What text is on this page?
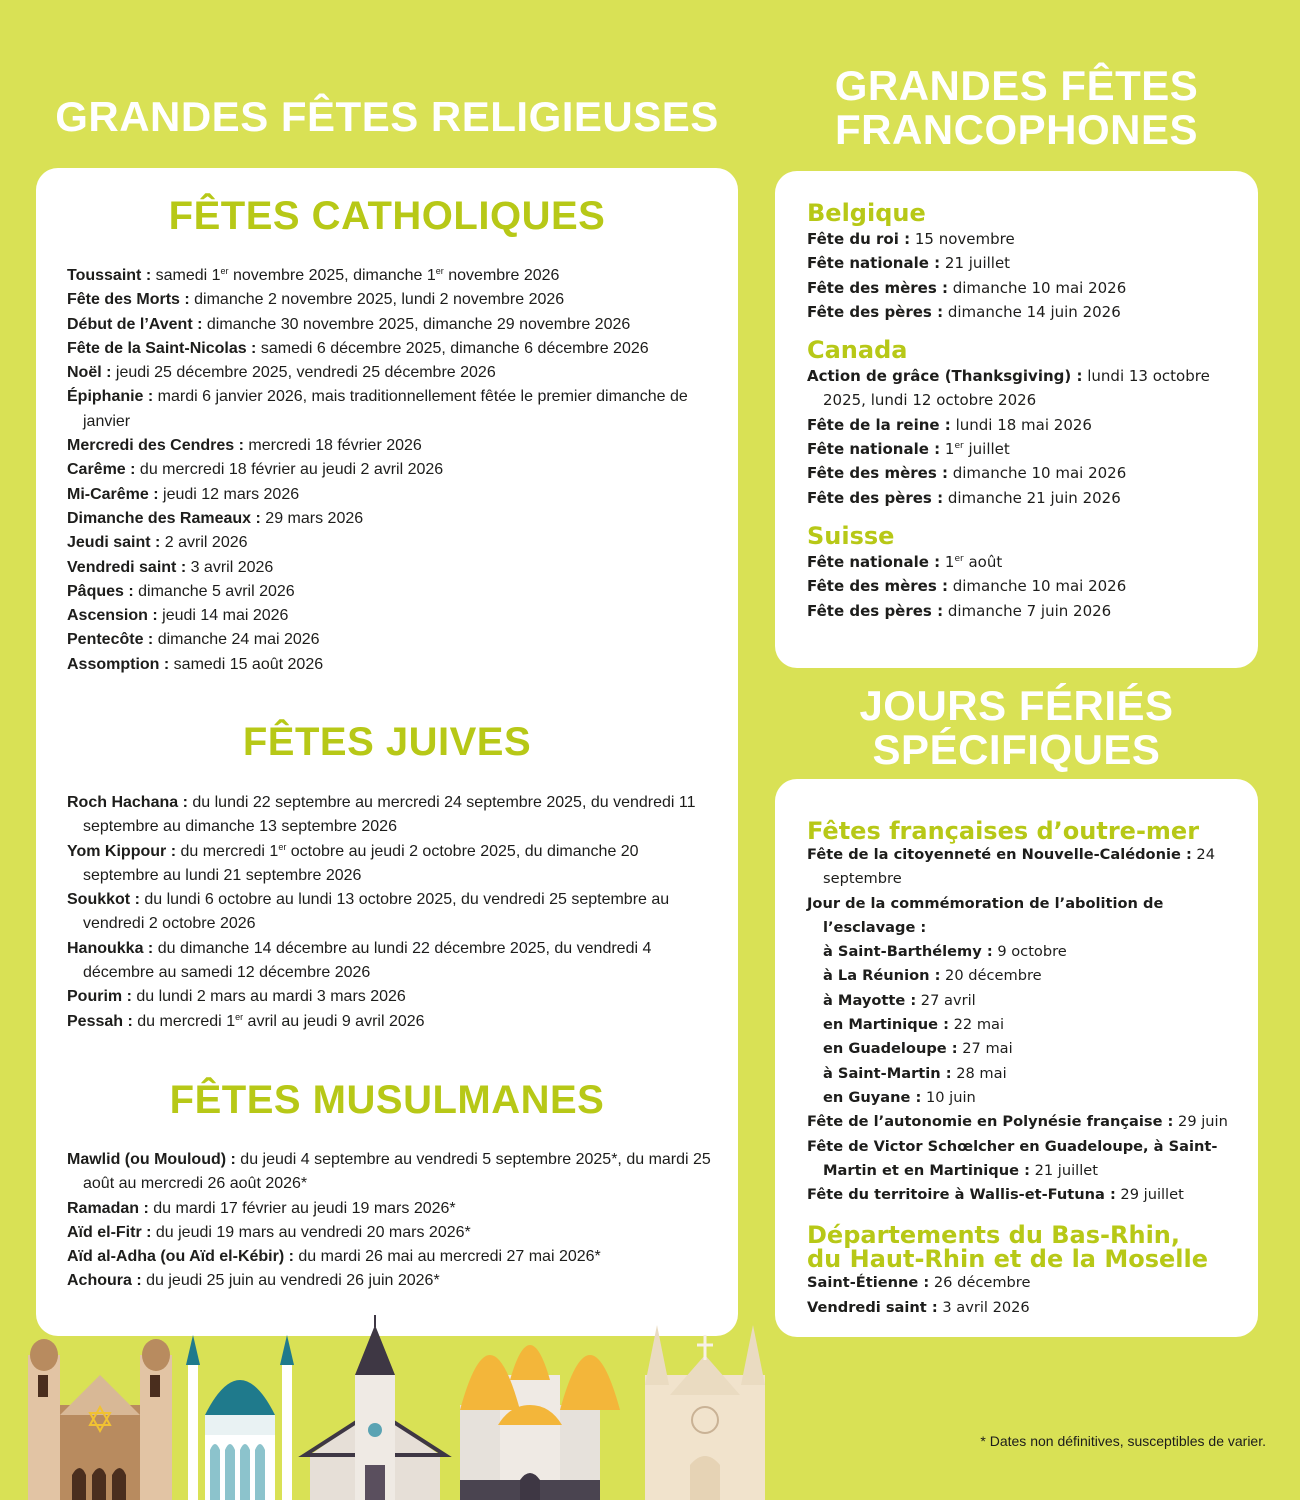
GRANDES FÊTES RELIGIEUSES
FÊTES CATHOLIQUES
Toussaint : samedi 1er novembre 2025, dimanche 1er novembre 2026
Fête des Morts : dimanche 2 novembre 2025, lundi 2 novembre 2026
Début de l’Avent : dimanche 30 novembre 2025, dimanche 29 novembre 2026
Fête de la Saint-Nicolas : samedi 6 décembre 2025, dimanche 6 décembre 2026
Noël : jeudi 25 décembre 2025, vendredi 25 décembre 2026
Épiphanie : mardi 6 janvier 2026, mais traditionnellement fêtée le premier dimanche de janvier
Mercredi des Cendres : mercredi 18 février 2026
Carême : du mercredi 18 février au jeudi 2 avril 2026
Mi-Carême : jeudi 12 mars 2026
Dimanche des Rameaux : 29 mars 2026
Jeudi saint : 2 avril 2026
Vendredi saint : 3 avril 2026
Pâques : dimanche 5 avril 2026
Ascension : jeudi 14 mai 2026
Pentecôte : dimanche 24 mai 2026
Assomption : samedi 15 août 2026
FÊTES JUIVES
Roch Hachana : du lundi 22 septembre au mercredi 24 septembre 2025, du vendredi 11 septembre au dimanche 13 septembre 2026
Yom Kippour : du mercredi 1er octobre au jeudi 2 octobre 2025, du dimanche 20 septembre au lundi 21 septembre 2026
Soukkot : du lundi 6 octobre au lundi 13 octobre 2025, du vendredi 25 septembre au vendredi 2 octobre 2026
Hanoukka : du dimanche 14 décembre au lundi 22 décembre 2025, du vendredi 4 décembre au samedi 12 décembre 2026
Pourim : du lundi 2 mars au mardi 3 mars 2026
Pessah : du mercredi 1er avril au jeudi 9 avril 2026
FÊTES MUSULMANES
Mawlid (ou Mouloud) : du jeudi 4 septembre au vendredi 5 septembre 2025*, du mardi 25 août au mercredi 26 août 2026*
Ramadan : du mardi 17 février au jeudi 19 mars 2026*
Aïd el-Fitr : du jeudi 19 mars au vendredi 20 mars 2026*
Aïd al-Adha (ou Aïd el-Kébir) : du mardi 26 mai au mercredi 27 mai 2026*
Achoura : du jeudi 25 juin au vendredi 26 juin 2026*
GRANDES FÊTES
FRANCOPHONES
Belgique
Fête du roi : 15 novembre
Fête nationale : 21 juillet
Fête des mères : dimanche 10 mai 2026
Fête des pères : dimanche 14 juin 2026
Canada
Action de grâce (Thanksgiving) : lundi 13 octobre 2025, lundi 12 octobre 2026
Fête de la reine : lundi 18 mai 2026
Fête nationale : 1er juillet
Fête des mères : dimanche 10 mai 2026
Fête des pères : dimanche 21 juin 2026
Suisse
Fête nationale : 1er août
Fête des mères : dimanche 10 mai 2026
Fête des pères : dimanche 7 juin 2026
JOURS FÉRIÉS
SPÉCIFIQUES
Fêtes françaises d’outre-mer
Fête de la citoyenneté en Nouvelle-Calédonie : 24 septembre
Jour de la commémoration de l’abolition de l’esclavage :
à Saint-Barthélemy : 9 octobre
à La Réunion : 20 décembre
à Mayotte : 27 avril
en Martinique : 22 mai
en Guadeloupe : 27 mai
à Saint-Martin : 28 mai
en Guyane : 10 juin
Fête de l’autonomie en Polynésie française : 29 juin
Fête de Victor Schœlcher en Guadeloupe, à Saint-Martin et en Martinique : 21 juillet
Fête du territoire à Wallis-et-Futuna : 29 juillet
Départements du Bas-Rhin,
du Haut-Rhin et de la Moselle
Saint-Étienne : 26 décembre
Vendredi saint : 3 avril 2026
* Dates non définitives, susceptibles de varier.
